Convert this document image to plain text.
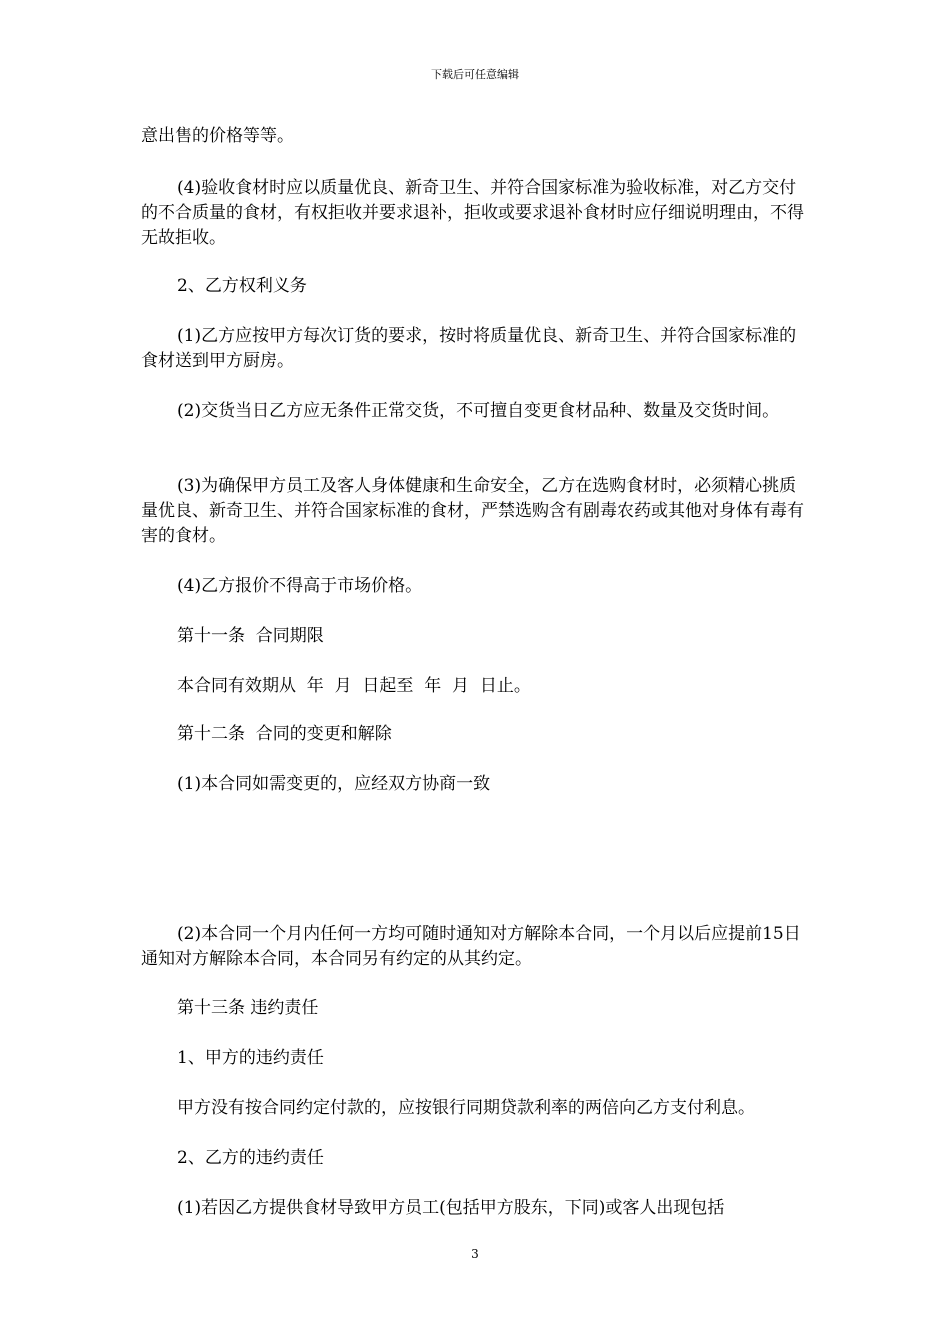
下载后可任意编辑
意出售的价格等等。
(4)验收食材时应以质量优良、新奇卫生、并符合国家标准为验收标准，对乙方交付的不合质量的食材，有权拒收并要求退补，拒收或要求退补食材时应仔细说明理由，不得无故拒收。
2、乙方权利义务
(1)乙方应按甲方每次订货的要求，按时将质量优良、新奇卫生、并符合国家标准的食材送到甲方厨房。
(2)交货当日乙方应无条件正常交货，不可擅自变更食材品种、数量及交货时间。
(3)为确保甲方员工及客人身体健康和生命安全，乙方在选购食材时，必须精心挑质量优良、新奇卫生、并符合国家标准的食材，严禁选购含有剧毒农药或其他对身体有毒有害的食材。
(4)乙方报价不得高于市场价格。
第十一条  合同期限
本合同有效期从  年  月  日起至  年  月  日止。
第十二条  合同的变更和解除
(1)本合同如需变更的，应经双方协商一致
(2)本合同一个月内任何一方均可随时通知对方解除本合同，一个月以后应提前15日通知对方解除本合同，本合同另有约定的从其约定。
第十三条 违约责任
1、甲方的违约责任
甲方没有按合同约定付款的，应按银行同期贷款利率的两倍向乙方支付利息。
2、乙方的违约责任
(1)若因乙方提供食材导致甲方员工(包括甲方股东，下同)或客人出现包括
3
